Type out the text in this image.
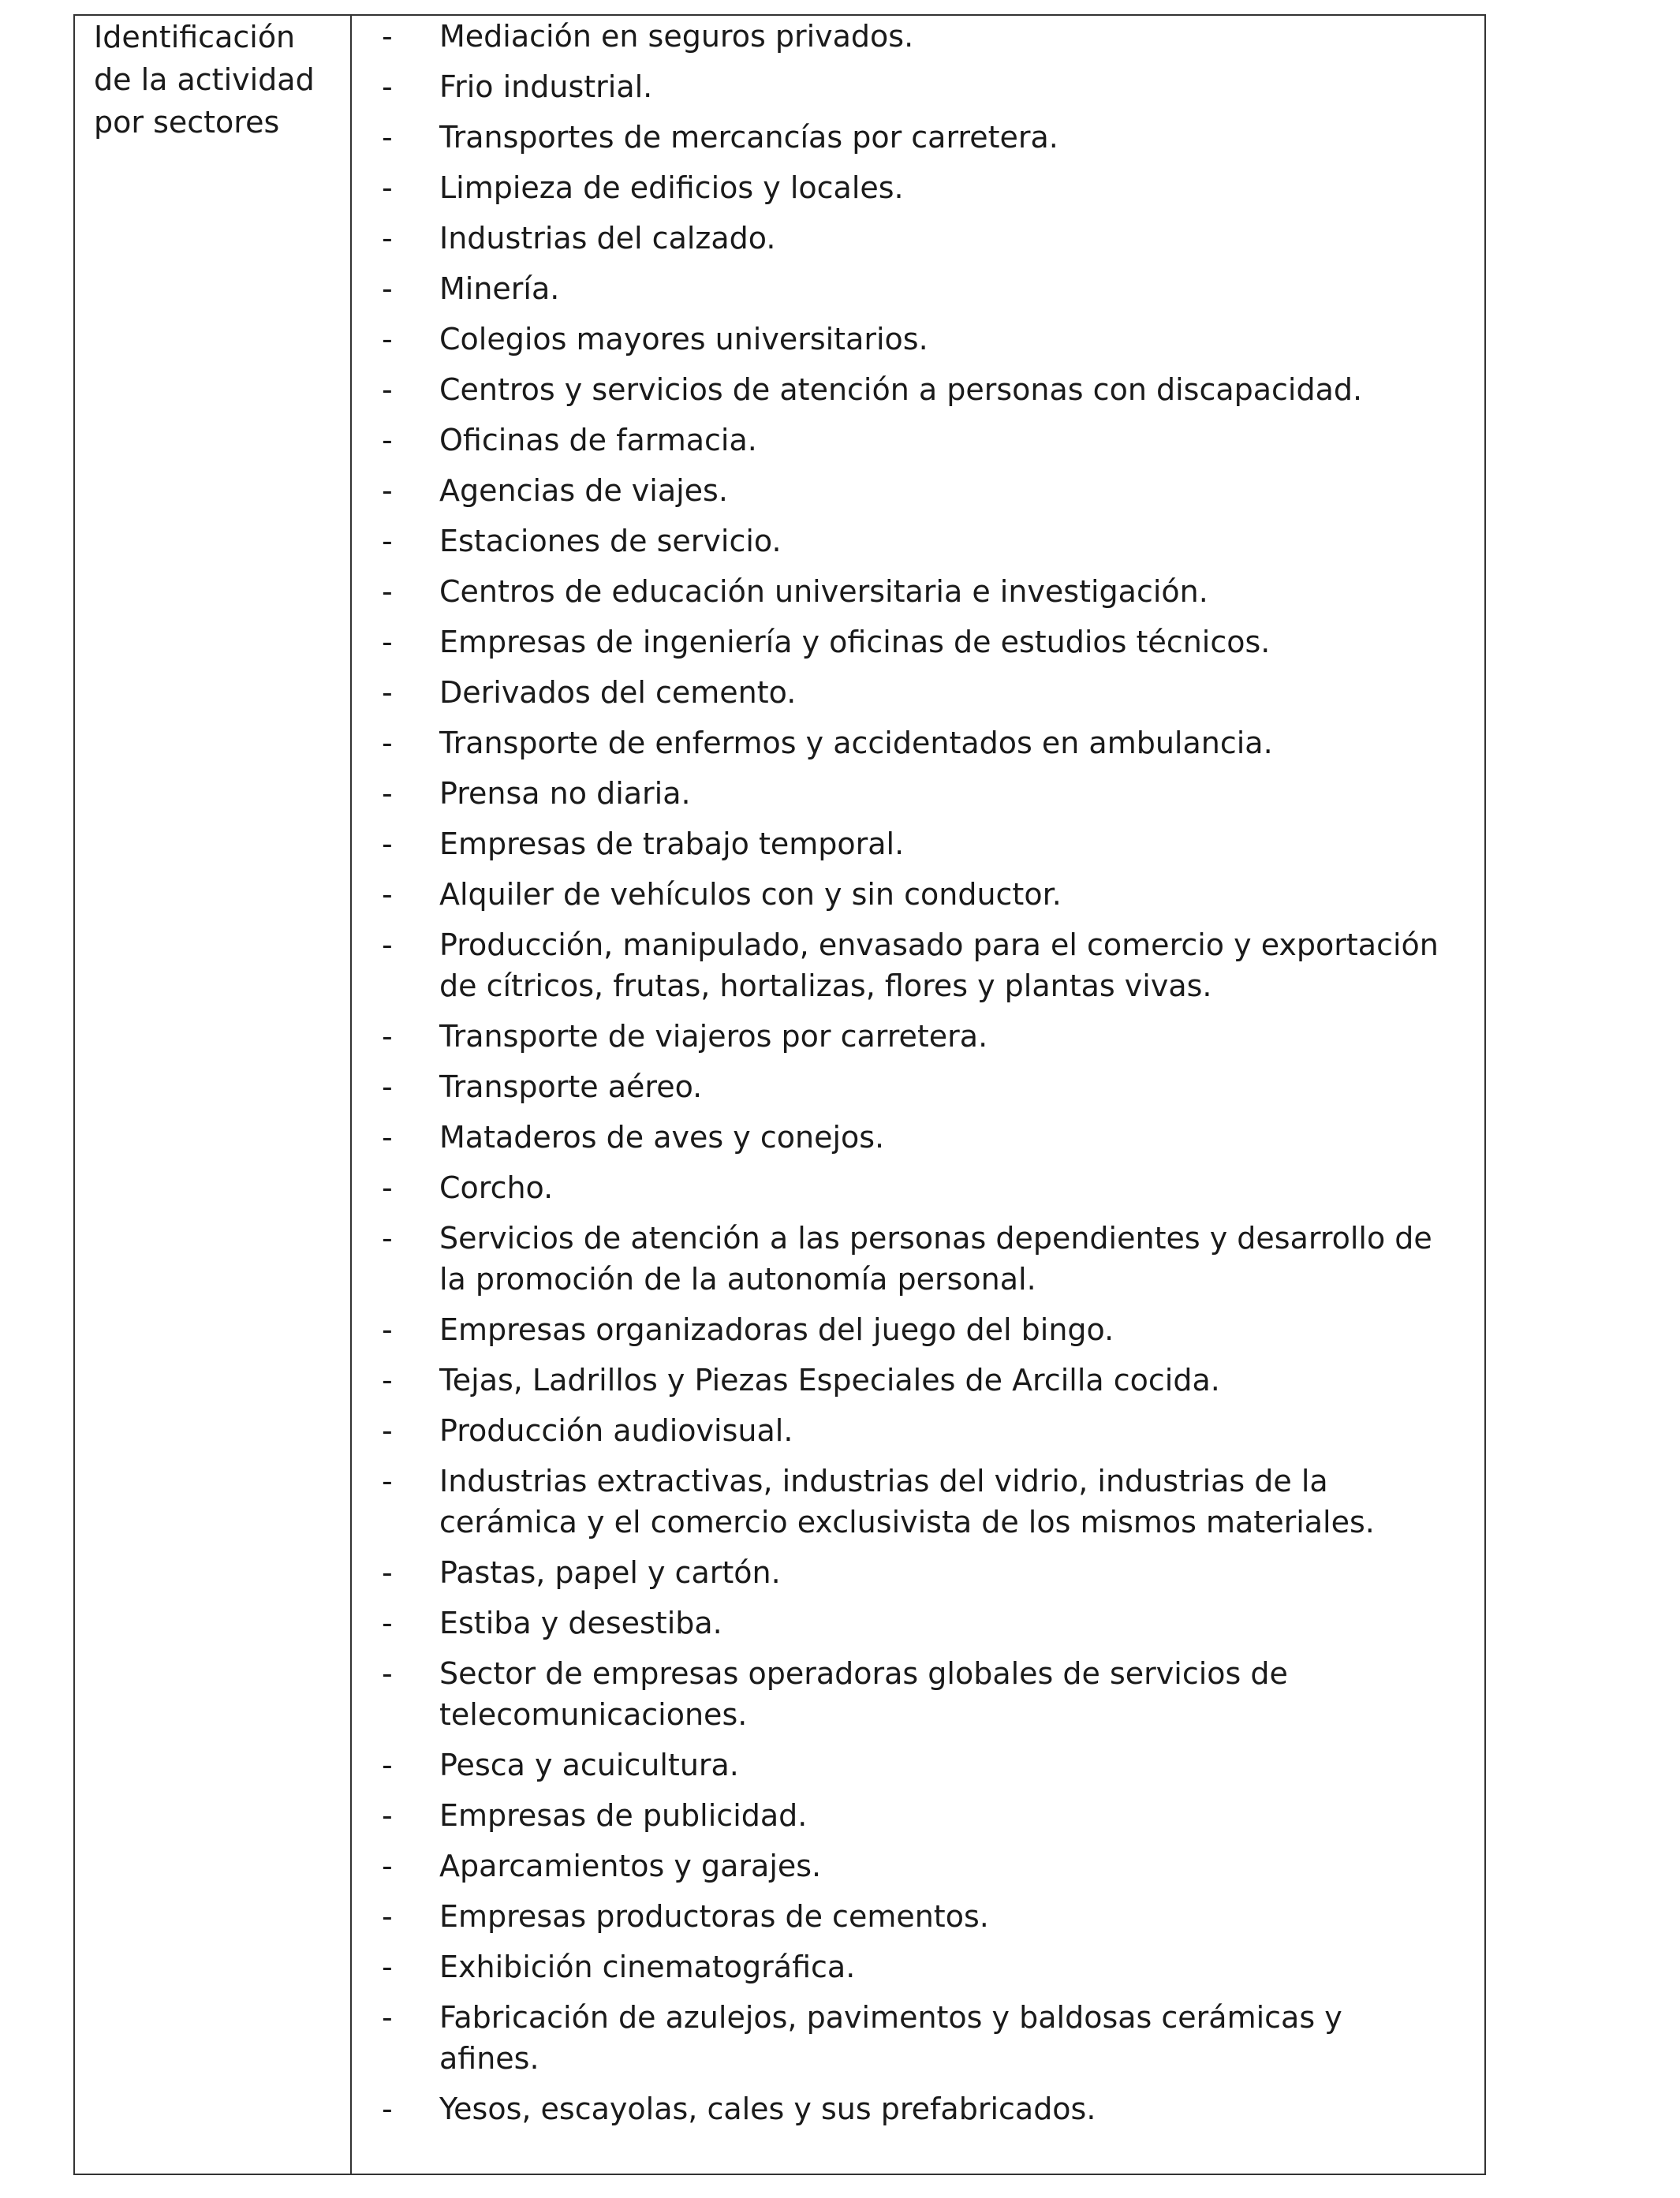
Identificación
de la actividad
por sectores
-	Mediación en seguros privados.
-	Frio industrial.
-	Transportes de mercancías por carretera.
-	Limpieza de edificios y locales.
-	Industrias del calzado.
-	Minería.
-	Colegios mayores universitarios.
-	Centros y servicios de atención a personas con discapacidad.
-	Oficinas de farmacia.
-	Agencias de viajes.
-	Estaciones de servicio.
-	Centros de educación universitaria e investigación.
-	Empresas de ingeniería y oficinas de estudios técnicos.
-	Derivados del cemento.
-	Transporte de enfermos y accidentados en ambulancia.
-	Prensa no diaria.
-	Empresas de trabajo temporal.
-	Alquiler de vehículos con y sin conductor.
-	Producción, manipulado, envasado para el comercio y exportación de cítricos, frutas, hortalizas, flores y plantas vivas.
-	Transporte de viajeros por carretera.
-	Transporte aéreo.
-	Mataderos de aves y conejos.
-	Corcho.
-	Servicios de atención a las personas dependientes y desarrollo de la promoción de la autonomía personal.
-	Empresas organizadoras del juego del bingo.
-	Tejas, Ladrillos y Piezas Especiales de Arcilla cocida.
-	Producción audiovisual.
-	Industrias extractivas, industrias del vidrio, industrias de la cerámica y el comercio exclusivista de los mismos materiales.
-	Pastas, papel y cartón.
-	Estiba y desestiba.
-	Sector de empresas operadoras globales de servicios de telecomunicaciones.
-	Pesca y acuicultura.
-	Empresas de publicidad.
-	Aparcamientos y garajes.
-	Empresas productoras de cementos.
-	Exhibición cinematográfica.
-	Fabricación de azulejos, pavimentos y baldosas cerámicas y afines.
-	Yesos, escayolas, cales y sus prefabricados.
